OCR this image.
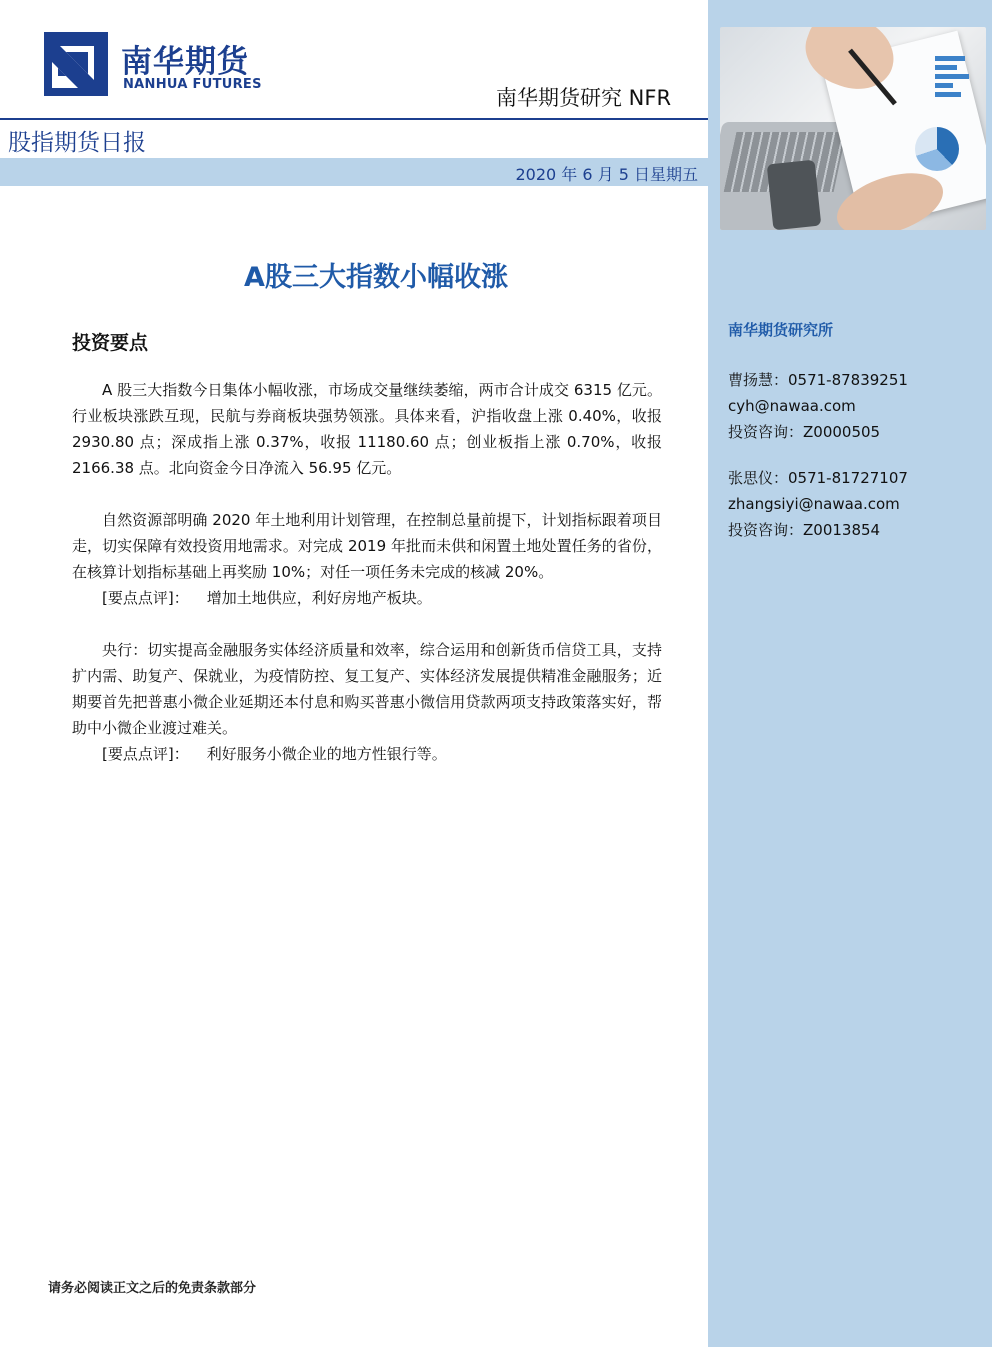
南华期货
NANHUA FUTURES
南华期货研究 NFR
股指期货日报
2020 年 6 月 5 日星期五
A股三大指数小幅收涨
投资要点

A 股三大指数今日集体小幅收涨，市场成交量继续萎缩，两市合计成交 6315 亿元。行业板块涨跌互现，民航与券商板块强势领涨。具体来看，沪指收盘上涨 0.40%，收报 2930.80 点；深成指上涨 0.37%，收报 11180.60 点；创业板指上涨 0.70%，收报 2166.38 点。北向资金今日净流入 56.95 亿元。

自然资源部明确 2020 年土地利用计划管理，在控制总量前提下，计划指标跟着项目走，切实保障有效投资用地需求。对完成 2019 年批而未供和闲置土地处置任务的省份，在核算计划指标基础上再奖励 10%；对任一项任务未完成的核减 20%。

[要点点评]： 增加土地供应，利好房地产板块。

央行：切实提高金融服务实体经济质量和效率，综合运用和创新货币信贷工具，支持扩内需、助复产、保就业，为疫情防控、复工复产、实体经济发展提供精准金融服务；近期要首先把普惠小微企业延期还本付息和购买普惠小微信用贷款两项支持政策落实好，帮助中小微企业渡过难关。

[要点点评]： 利好服务小微企业的地方性银行等。
南华期货研究所
曹扬慧：0571-87839251
cyh@nawaa.com
投资咨询：Z0000505
张思仪：0571-81727107
zhangsiyi@nawaa.com
投资咨询：Z0013854
请务必阅读正文之后的免责条款部分
